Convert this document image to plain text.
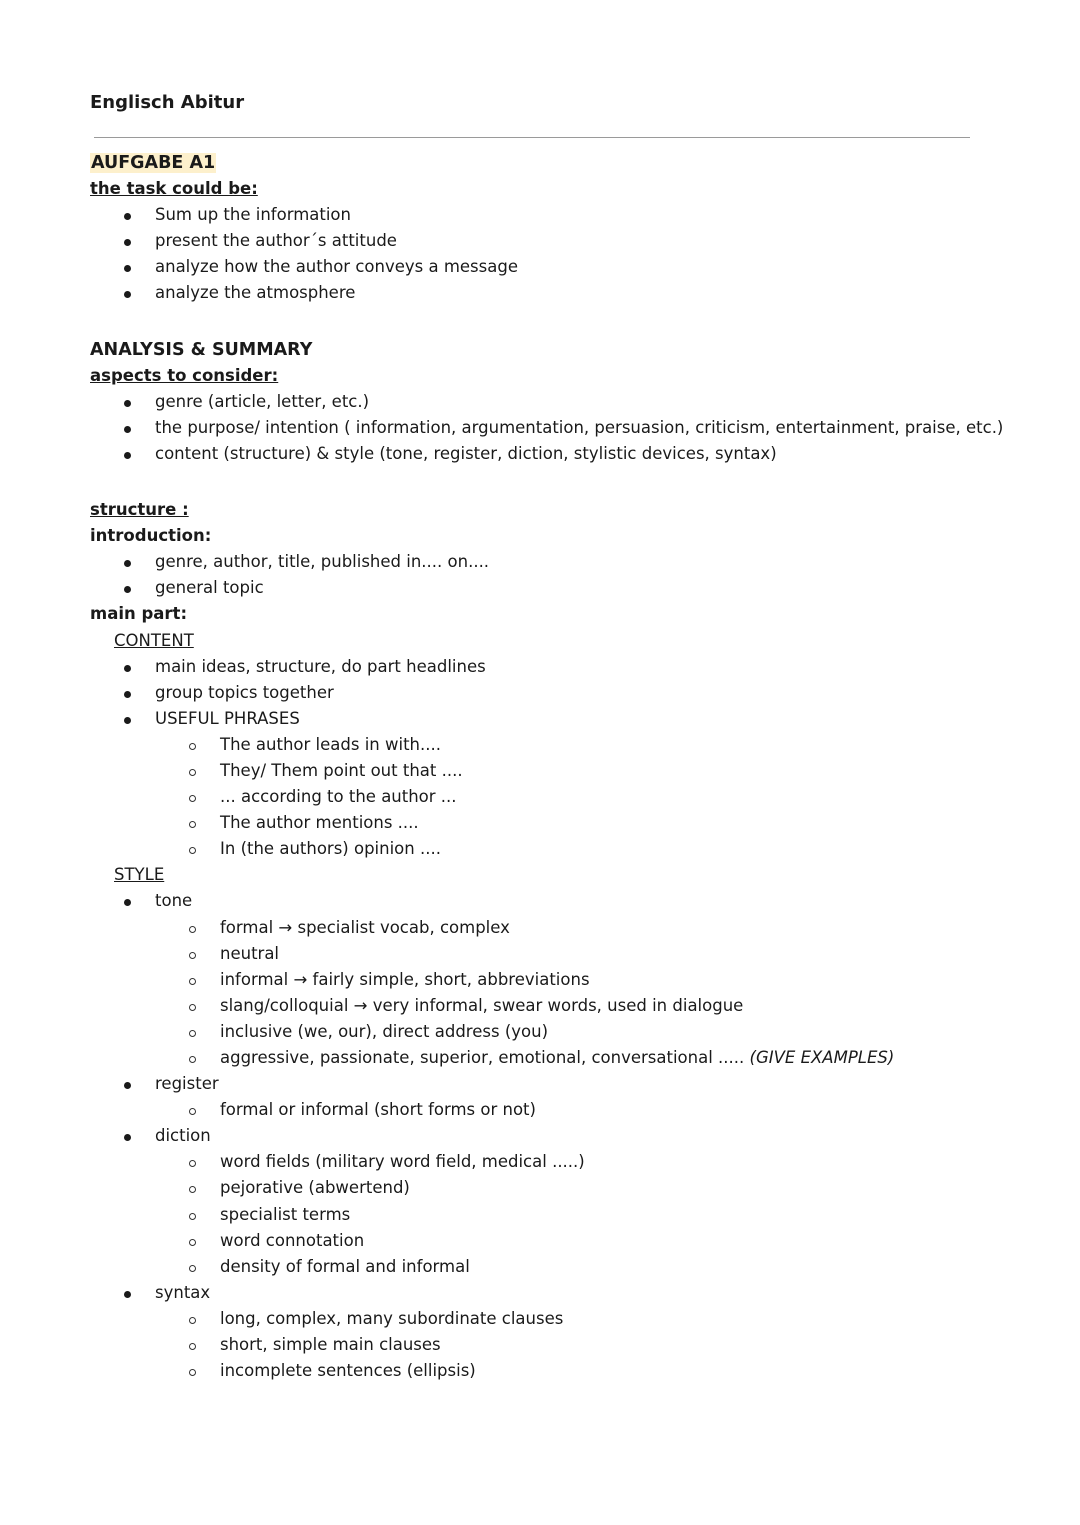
Englisch Abitur
AUFGABE A1
the task could be:
Sum up the information
present the author´s attitude
analyze how the author conveys a message
analyze the atmosphere
ANALYSIS & SUMMARY
aspects to consider:
genre (article, letter, etc.)
the purpose/ intention ( information, argumentation, persuasion, criticism, entertainment, praise, etc.)
content (structure) & style (tone, register, diction, stylistic devices, syntax)
structure :
introduction:
genre, author, title, published in.... on....
general topic
main part:
CONTENT
main ideas, structure, do part headlines
group topics together
USEFUL PHRASES
The author leads in with....
They/ Them point out that ....
... according to the author ...
The author mentions ....
In (the authors) opinion ....
STYLE
tone
formal → specialist vocab, complex
neutral
informal → fairly simple, short, abbreviations
slang/colloquial → very informal, swear words, used in dialogue
inclusive (we, our), direct address (you)
aggressive, passionate, superior, emotional, conversational ..... (GIVE EXAMPLES)
register
formal or informal (short forms or not)
diction
word fields (military word field, medical .....)
pejorative (abwertend)
specialist terms
word connotation
density of formal and informal
syntax
long, complex, many subordinate clauses
short, simple main clauses
incomplete sentences (ellipsis)
